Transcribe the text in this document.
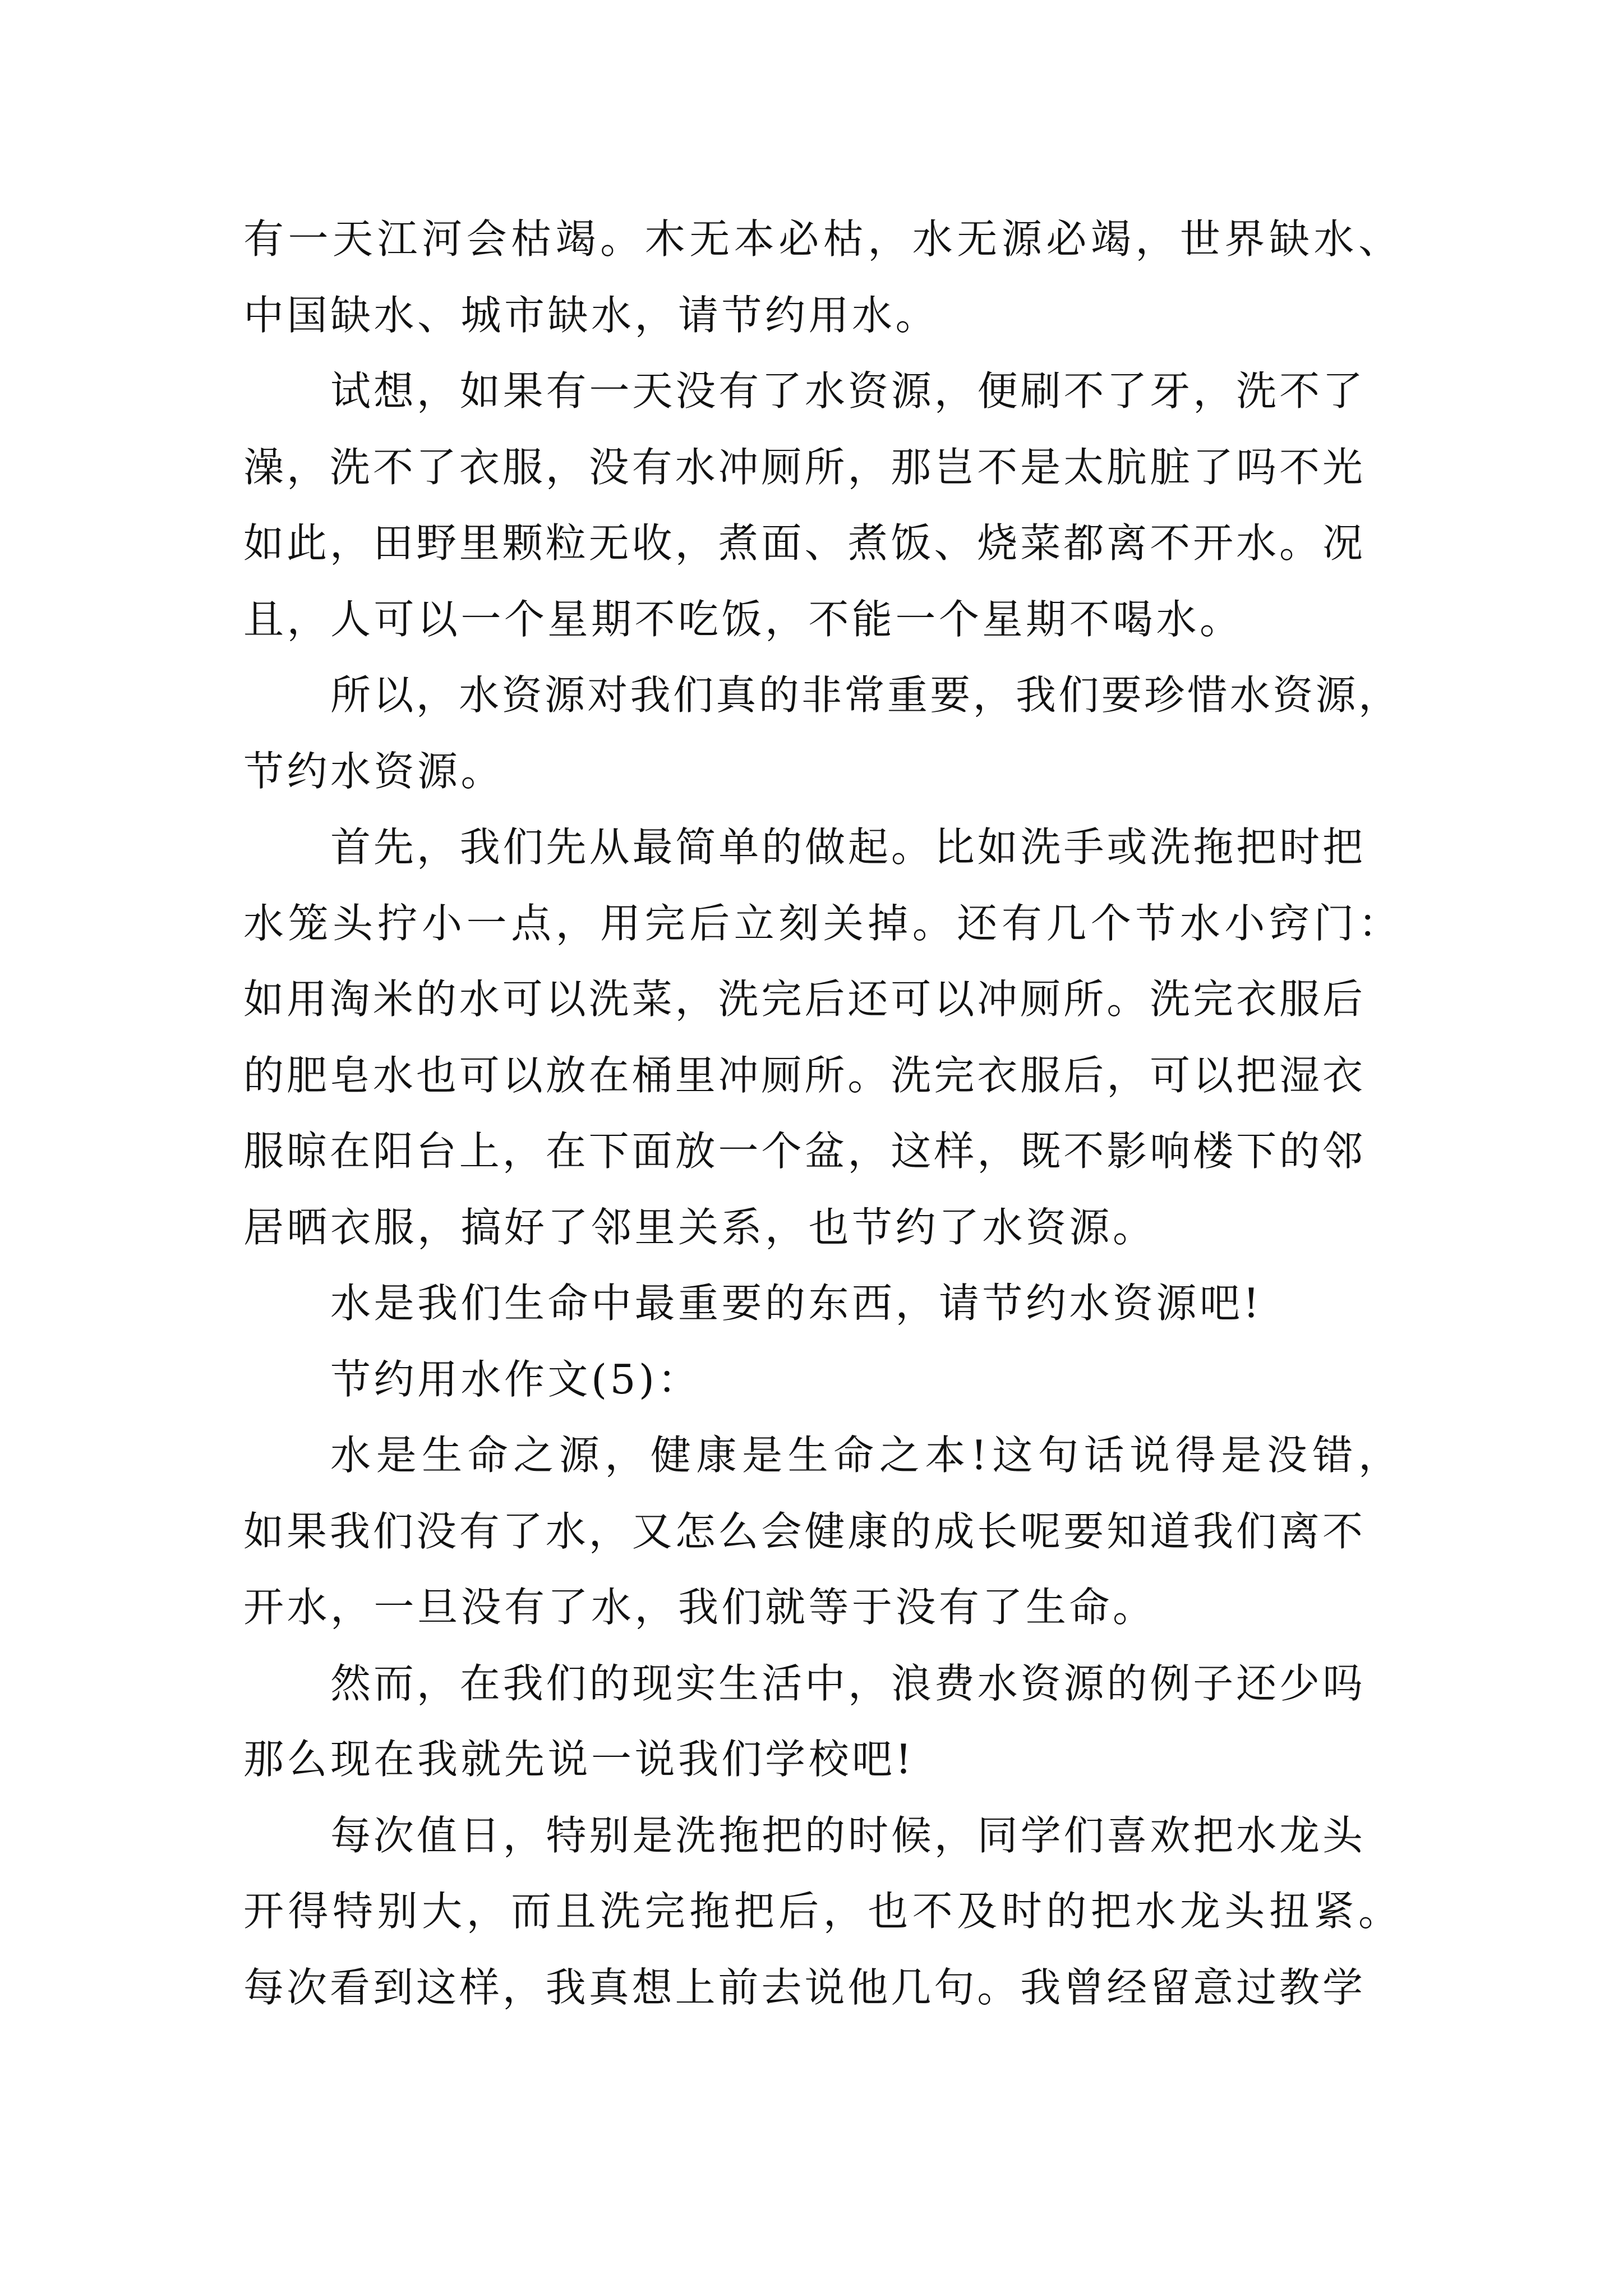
有一天江河会枯竭。木无本必枯，水无源必竭，世界缺水、
中国缺水、城市缺水，请节约用水。
试想，如果有一天没有了水资源，便刷不了牙，洗不了
澡，洗不了衣服，没有水冲厕所，那岂不是太肮脏了吗不光
如此，田野里颗粒无收，煮面、煮饭、烧菜都离不开水。况
且，人可以一个星期不吃饭，不能一个星期不喝水。
所以，水资源对我们真的非常重要，我们要珍惜水资源，
节约水资源。
首先，我们先从最简单的做起。比如洗手或洗拖把时把
水笼头拧小一点，用完后立刻关掉。还有几个节水小窍门：
如用淘米的水可以洗菜，洗完后还可以冲厕所。洗完衣服后
的肥皂水也可以放在桶里冲厕所。洗完衣服后，可以把湿衣
服晾在阳台上，在下面放一个盆，这样，既不影响楼下的邻
居晒衣服，搞好了邻里关系，也节约了水资源。
水是我们生命中最重要的东西，请节约水资源吧!
节约用水作文(5)：
水是生命之源，健康是生命之本!这句话说得是没错，
如果我们没有了水，又怎么会健康的成长呢要知道我们离不
开水，一旦没有了水，我们就等于没有了生命。
然而，在我们的现实生活中，浪费水资源的例子还少吗
那么现在我就先说一说我们学校吧!
每次值日，特别是洗拖把的时候，同学们喜欢把水龙头
开得特别大，而且洗完拖把后，也不及时的把水龙头扭紧。
每次看到这样，我真想上前去说他几句。我曾经留意过教学
